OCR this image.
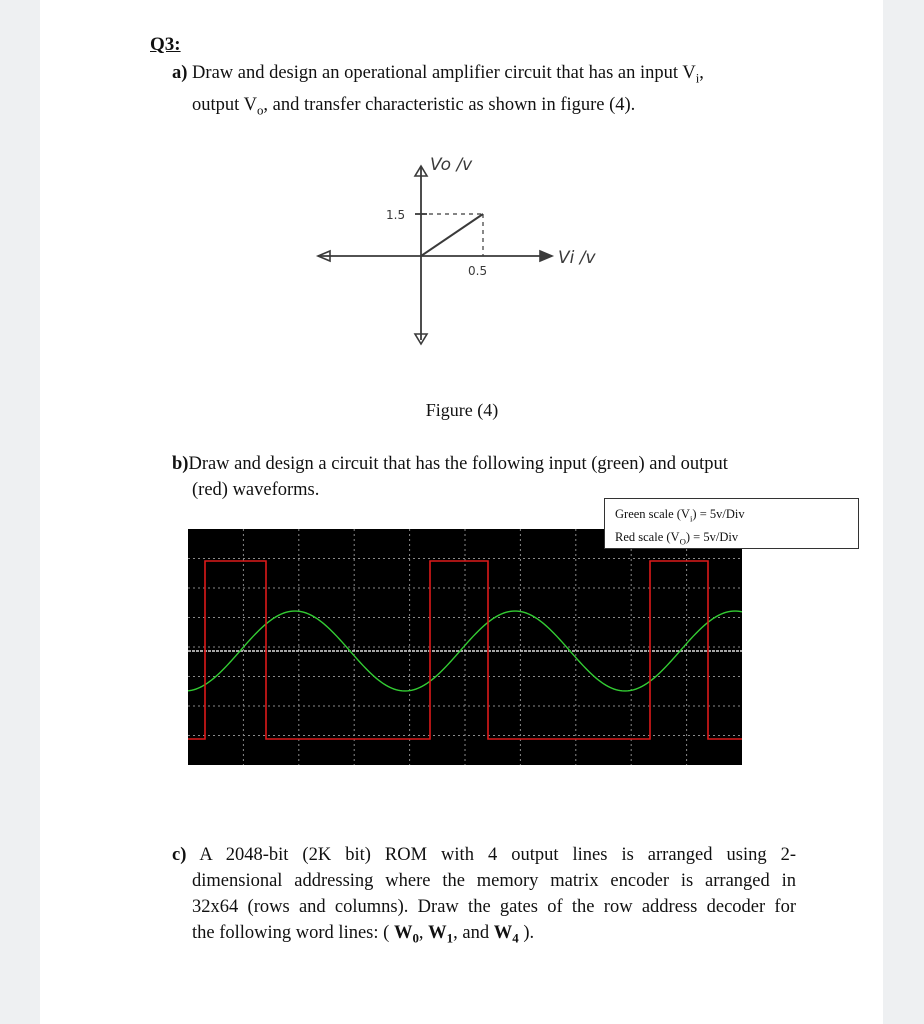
Q3:
a) Draw and design an operational amplifier circuit that has an input $V_i$,
output $V_o$, and transfer characteristic as shown in figure (4).
Vo /v
Vi /v
1.5
0.5
Figure (4)
b)Draw and design a circuit that has the following input (green) and output
(red) waveforms.
Green scale $(V_i) = 5v/Div$
Red scale $(V_O) = 5v/Div$
c) A 2048-bit (2K bit) ROM with 4 output lines is arranged using 2-
dimensional addressing where the memory matrix encoder is arranged in
32x64 (rows and columns). Draw the gates of the row address decoder for
the following word lines: ( $W_0$, $W_1$, and $W_4$ ).
